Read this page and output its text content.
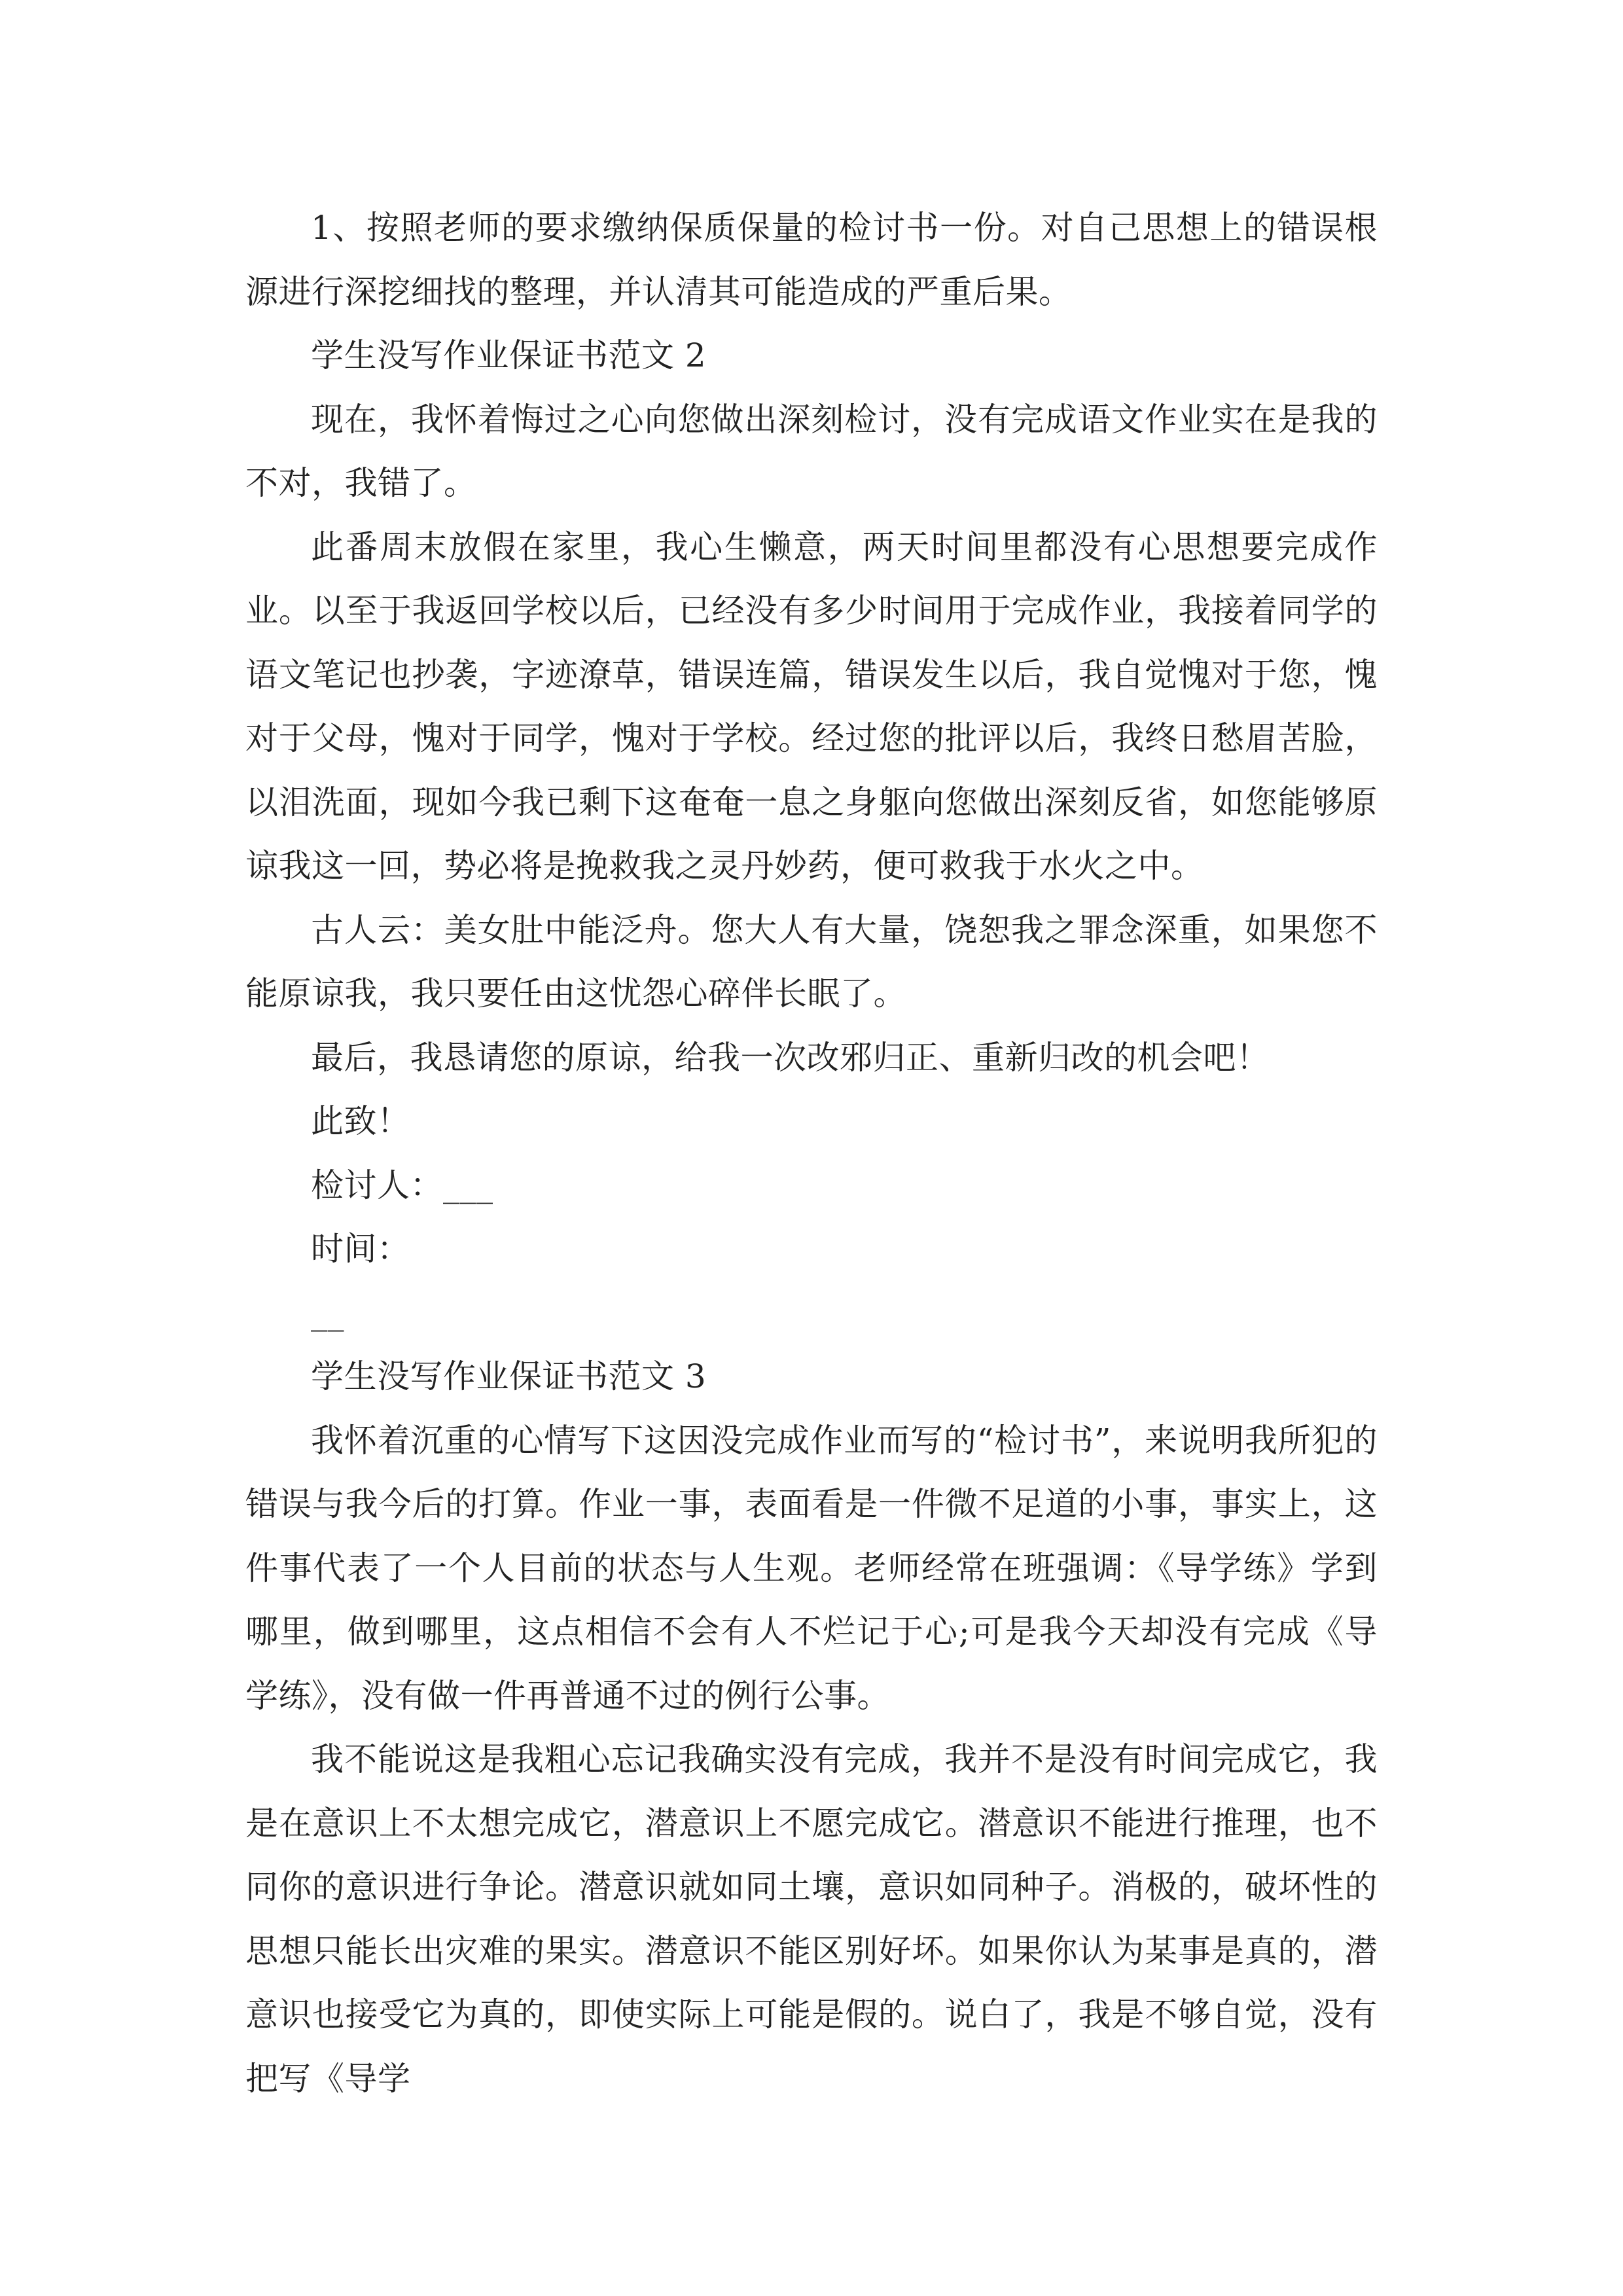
1、按照老师的要求缴纳保质保量的检讨书一份。对自己思想上的错误根源进行深挖细找的整理，并认清其可能造成的严重后果。

学生没写作业保证书范文 2

现在，我怀着悔过之心向您做出深刻检讨，没有完成语文作业实在是我的不对，我错了。

此番周末放假在家里，我心生懒意，两天时间里都没有心思想要完成作业。以至于我返回学校以后，已经没有多少时间用于完成作业，我接着同学的语文笔记也抄袭，字迹潦草，错误连篇，错误发生以后，我自觉愧对于您，愧对于父母，愧对于同学，愧对于学校。经过您的批评以后，我终日愁眉苦脸，以泪洗面，现如今我已剩下这奄奄一息之身躯向您做出深刻反省，如您能够原谅我这一回，势必将是挽救我之灵丹妙药，便可救我于水火之中。

古人云：美女肚中能泛舟。您大人有大量，饶恕我之罪念深重，如果您不能原谅我，我只要任由这忧怨心碎伴长眠了。

最后，我恳请您的原谅，给我一次改邪归正、重新归改的机会吧！

此致！

检讨人：___

时间：

__

学生没写作业保证书范文 3

我怀着沉重的心情写下这因没完成作业而写的“检讨书”，来说明我所犯的错误与我今后的打算。作业一事，表面看是一件微不足道的小事，事实上，这件事代表了一个人目前的状态与人生观。老师经常在班强调：《导学练》学到哪里，做到哪里，这点相信不会有人不烂记于心;可是我今天却没有完成《导学练》，没有做一件再普通不过的例行公事。

我不能说这是我粗心忘记我确实没有完成，我并不是没有时间完成它，我是在意识上不太想完成它，潜意识上不愿完成它。潜意识不能进行推理，也不同你的意识进行争论。潜意识就如同土壤，意识如同种子。消极的，破坏性的思想只能长出灾难的果实。潜意识不能区别好坏。如果你认为某事是真的，潜意识也接受它为真的，即使实际上可能是假的。说白了，我是不够自觉，没有把写《导学
